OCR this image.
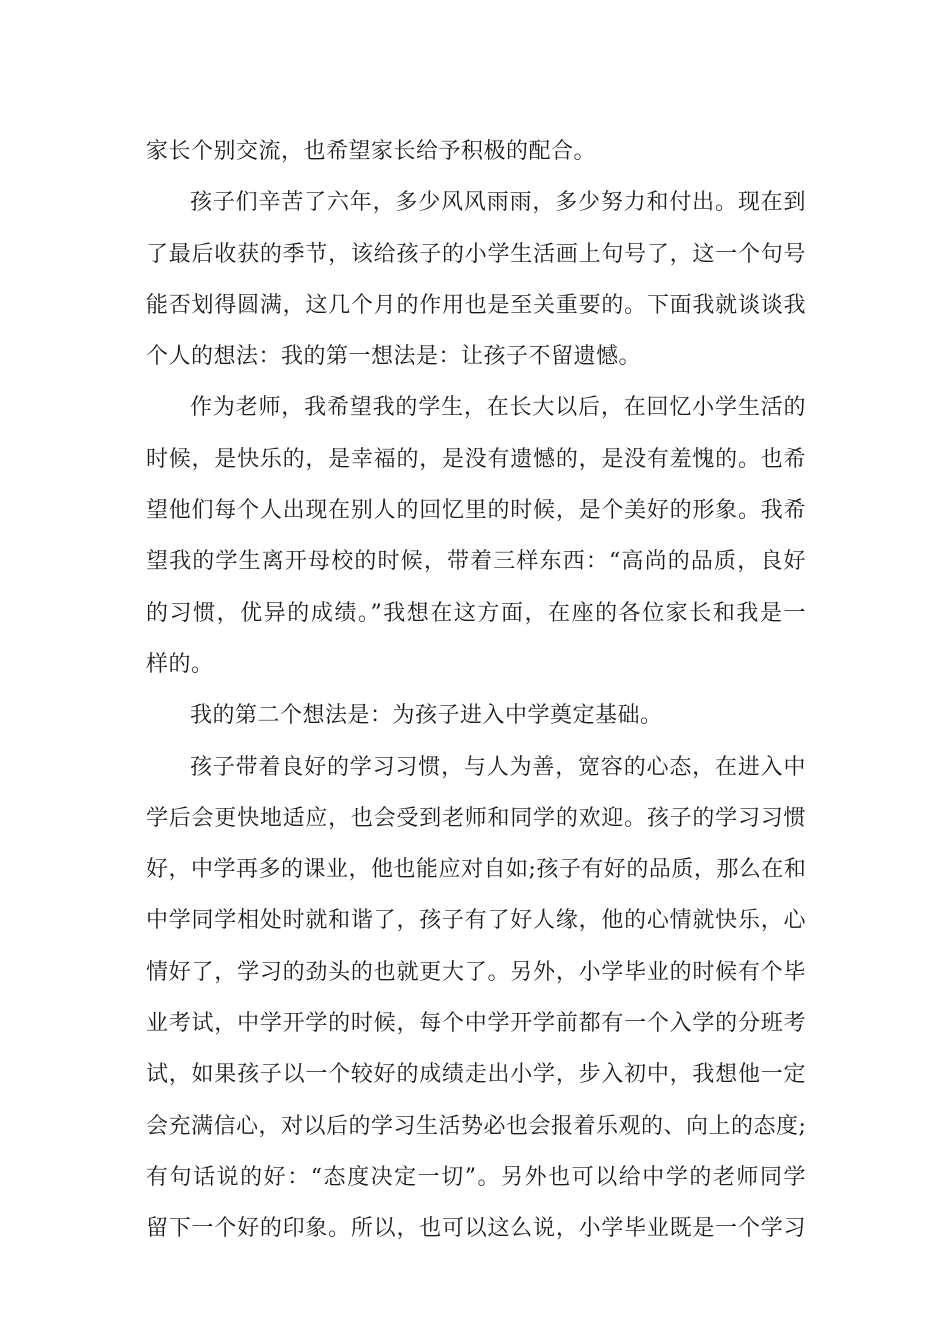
家长个别交流，也希望家长给予积极的配合。
孩子们辛苦了六年，多少风风雨雨，多少努力和付出。现在到
了最后收获的季节，该给孩子的小学生活画上句号了，这一个句号
能否划得圆满，这几个月的作用也是至关重要的。下面我就谈谈我
个人的想法：我的第一想法是：让孩子不留遗憾。
作为老师，我希望我的学生，在长大以后，在回忆小学生活的
时候，是快乐的，是幸福的，是没有遗憾的，是没有羞愧的。也希
望他们每个人出现在别人的回忆里的时候，是个美好的形象。我希
望我的学生离开母校的时候，带着三样东西：“高尚的品质，良好
的习惯，优异的成绩。”我想在这方面，在座的各位家长和我是一
样的。
我的第二个想法是：为孩子进入中学奠定基础。
孩子带着良好的学习习惯，与人为善，宽容的心态，在进入中
学后会更快地适应，也会受到老师和同学的欢迎。孩子的学习习惯
好，中学再多的课业，他也能应对自如;孩子有好的品质，那么在和
中学同学相处时就和谐了，孩子有了好人缘，他的心情就快乐，心
情好了，学习的劲头的也就更大了。另外，小学毕业的时候有个毕
业考试，中学开学的时候，每个中学开学前都有一个入学的分班考
试，如果孩子以一个较好的成绩走出小学，步入初中，我想他一定
会充满信心，对以后的学习生活势必也会报着乐观的、向上的态度;
有句话说的好：“态度决定一切”。另外也可以给中学的老师同学
留下一个好的印象。所以，也可以这么说，小学毕业既是一个学习
